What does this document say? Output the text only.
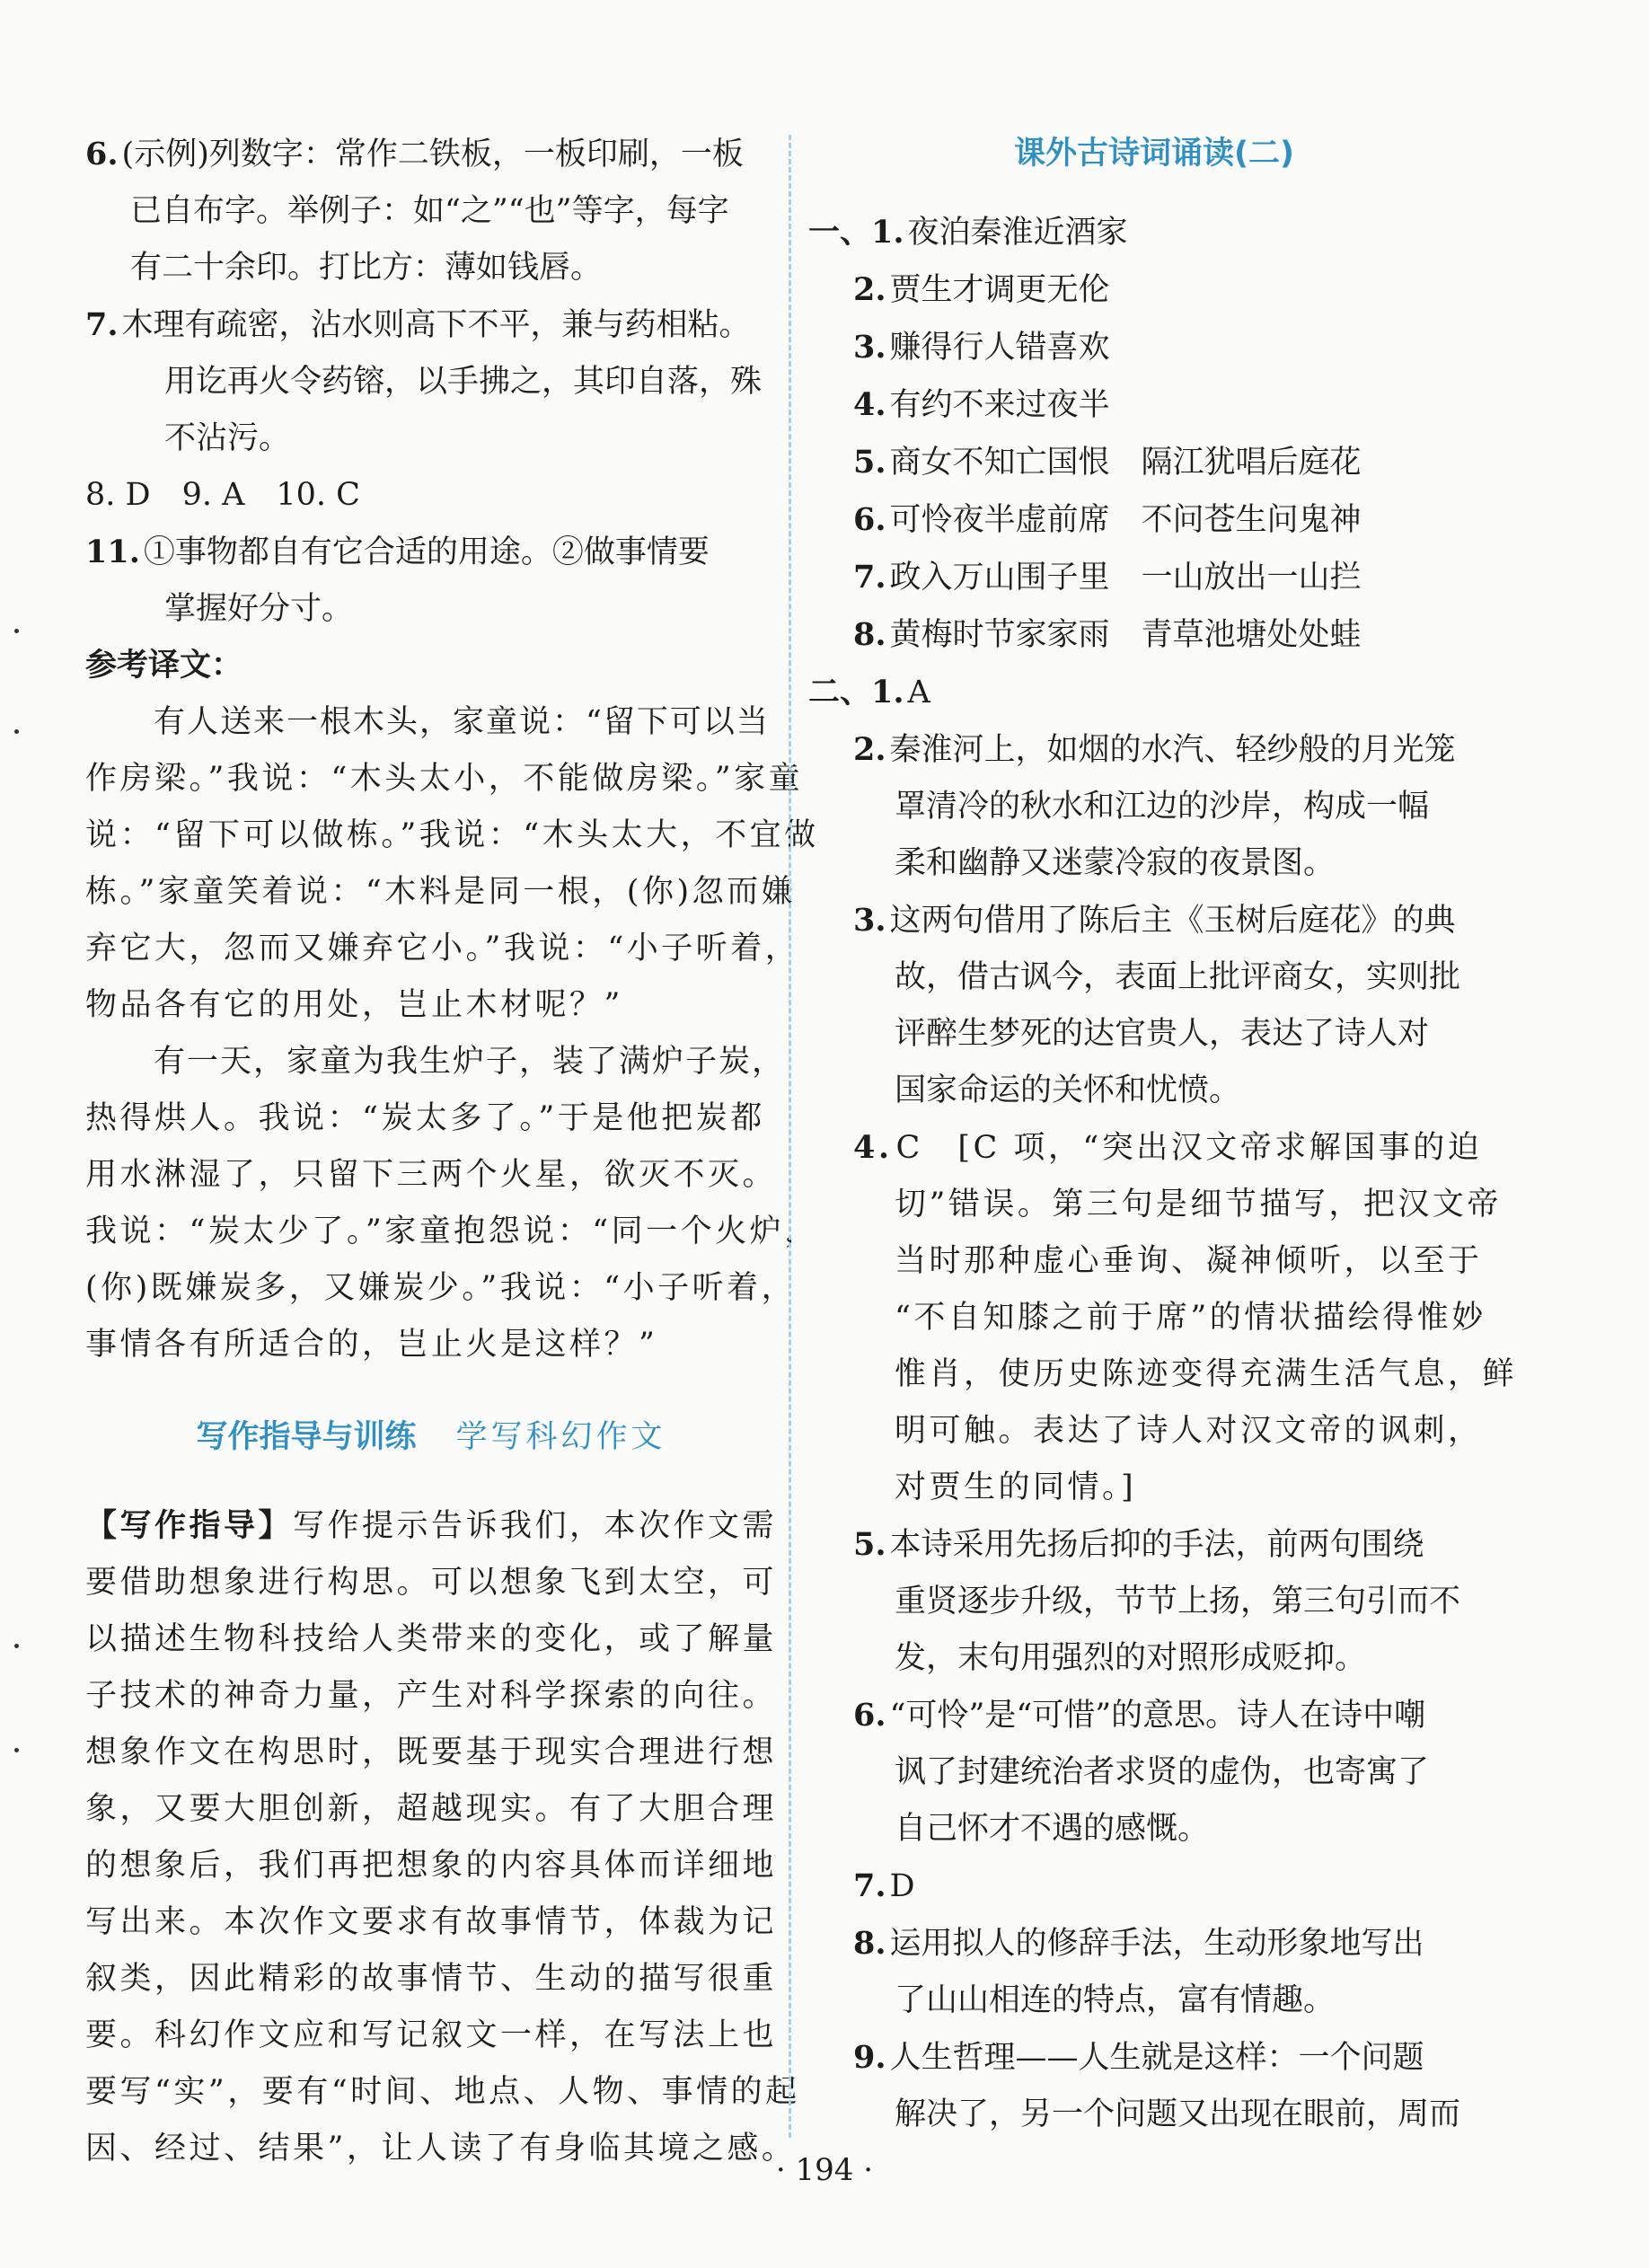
6. (示例)列数字：常作二铁板，一板印刷，一板
已自布字。举例子：如“之”“也”等字，每字
有二十余印。打比方：薄如钱唇。
7. 木理有疏密，沾水则高下不平，兼与药相粘。
用讫再火令药镕，以手拂之，其印自落，殊
不沾污。
8. D　9. A　10. C
11. ①事物都自有它合适的用途。②做事情要
掌握好分寸。
参考译文：
有人送来一根木头，家童说：“留下可以当
作房梁。”我说：“木头太小，不能做房梁。”家童
说：“留下可以做栋。”我说：“木头太大，不宜做
栋。”家童笑着说：“木料是同一根，(你)忽而嫌
弃它大，忽而又嫌弃它小。”我说：“小子听着，
物品各有它的用处，岂止木材呢？”
有一天，家童为我生炉子，装了满炉子炭，
热得烘人。我说：“炭太多了。”于是他把炭都
用水淋湿了，只留下三两个火星，欲灭不灭。
我说：“炭太少了。”家童抱怨说：“同一个火炉，
(你)既嫌炭多，又嫌炭少。”我说：“小子听着，
事情各有所适合的，岂止火是这样？”
写作指导与训练 学写科幻作文
【写作指导】写作提示告诉我们，本次作文需
要借助想象进行构思。可以想象飞到太空，可
以描述生物科技给人类带来的变化，或了解量
子技术的神奇力量，产生对科学探索的向往。
想象作文在构思时，既要基于现实合理进行想
象，又要大胆创新，超越现实。有了大胆合理
的想象后，我们再把想象的内容具体而详细地
写出来。本次作文要求有故事情节，体裁为记
叙类，因此精彩的故事情节、生动的描写很重
要。科幻作文应和写记叙文一样，在写法上也
要写“实”，要有“时间、地点、人物、事情的起
因、经过、结果”，让人读了有身临其境之感。
课外古诗词诵读(二)
一、1. 夜泊秦淮近酒家
2. 贾生才调更无伦
3. 赚得行人错喜欢
4. 有约不来过夜半
5. 商女不知亡国恨　隔江犹唱后庭花
6. 可怜夜半虚前席　不问苍生问鬼神
7. 政入万山围子里　一山放出一山拦
8. 黄梅时节家家雨　青草池塘处处蛙
二、1. A
2. 秦淮河上，如烟的水汽、轻纱般的月光笼
罩清冷的秋水和江边的沙岸，构成一幅
柔和幽静又迷蒙冷寂的夜景图。
3. 这两句借用了陈后主《玉树后庭花》的典
故，借古讽今，表面上批评商女，实则批
评醉生梦死的达官贵人，表达了诗人对
国家命运的关怀和忧愤。
4. C　[C 项，“突出汉文帝求解国事的迫
切”错误。第三句是细节描写，把汉文帝
当时那种虚心垂询、凝神倾听，以至于
“不自知膝之前于席”的情状描绘得惟妙
惟肖，使历史陈迹变得充满生活气息，鲜
明可触。表达了诗人对汉文帝的讽刺，
对贾生的同情。]
5. 本诗采用先扬后抑的手法，前两句围绕
重贤逐步升级，节节上扬，第三句引而不
发，末句用强烈的对照形成贬抑。
6. “可怜”是“可惜”的意思。诗人在诗中嘲
讽了封建统治者求贤的虚伪，也寄寓了
自己怀才不遇的感慨。
7. D
8. 运用拟人的修辞手法，生动形象地写出
了山山相连的特点，富有情趣。
9. 人生哲理——人生就是这样：一个问题
解决了，另一个问题又出现在眼前，周而
· 194 ·
